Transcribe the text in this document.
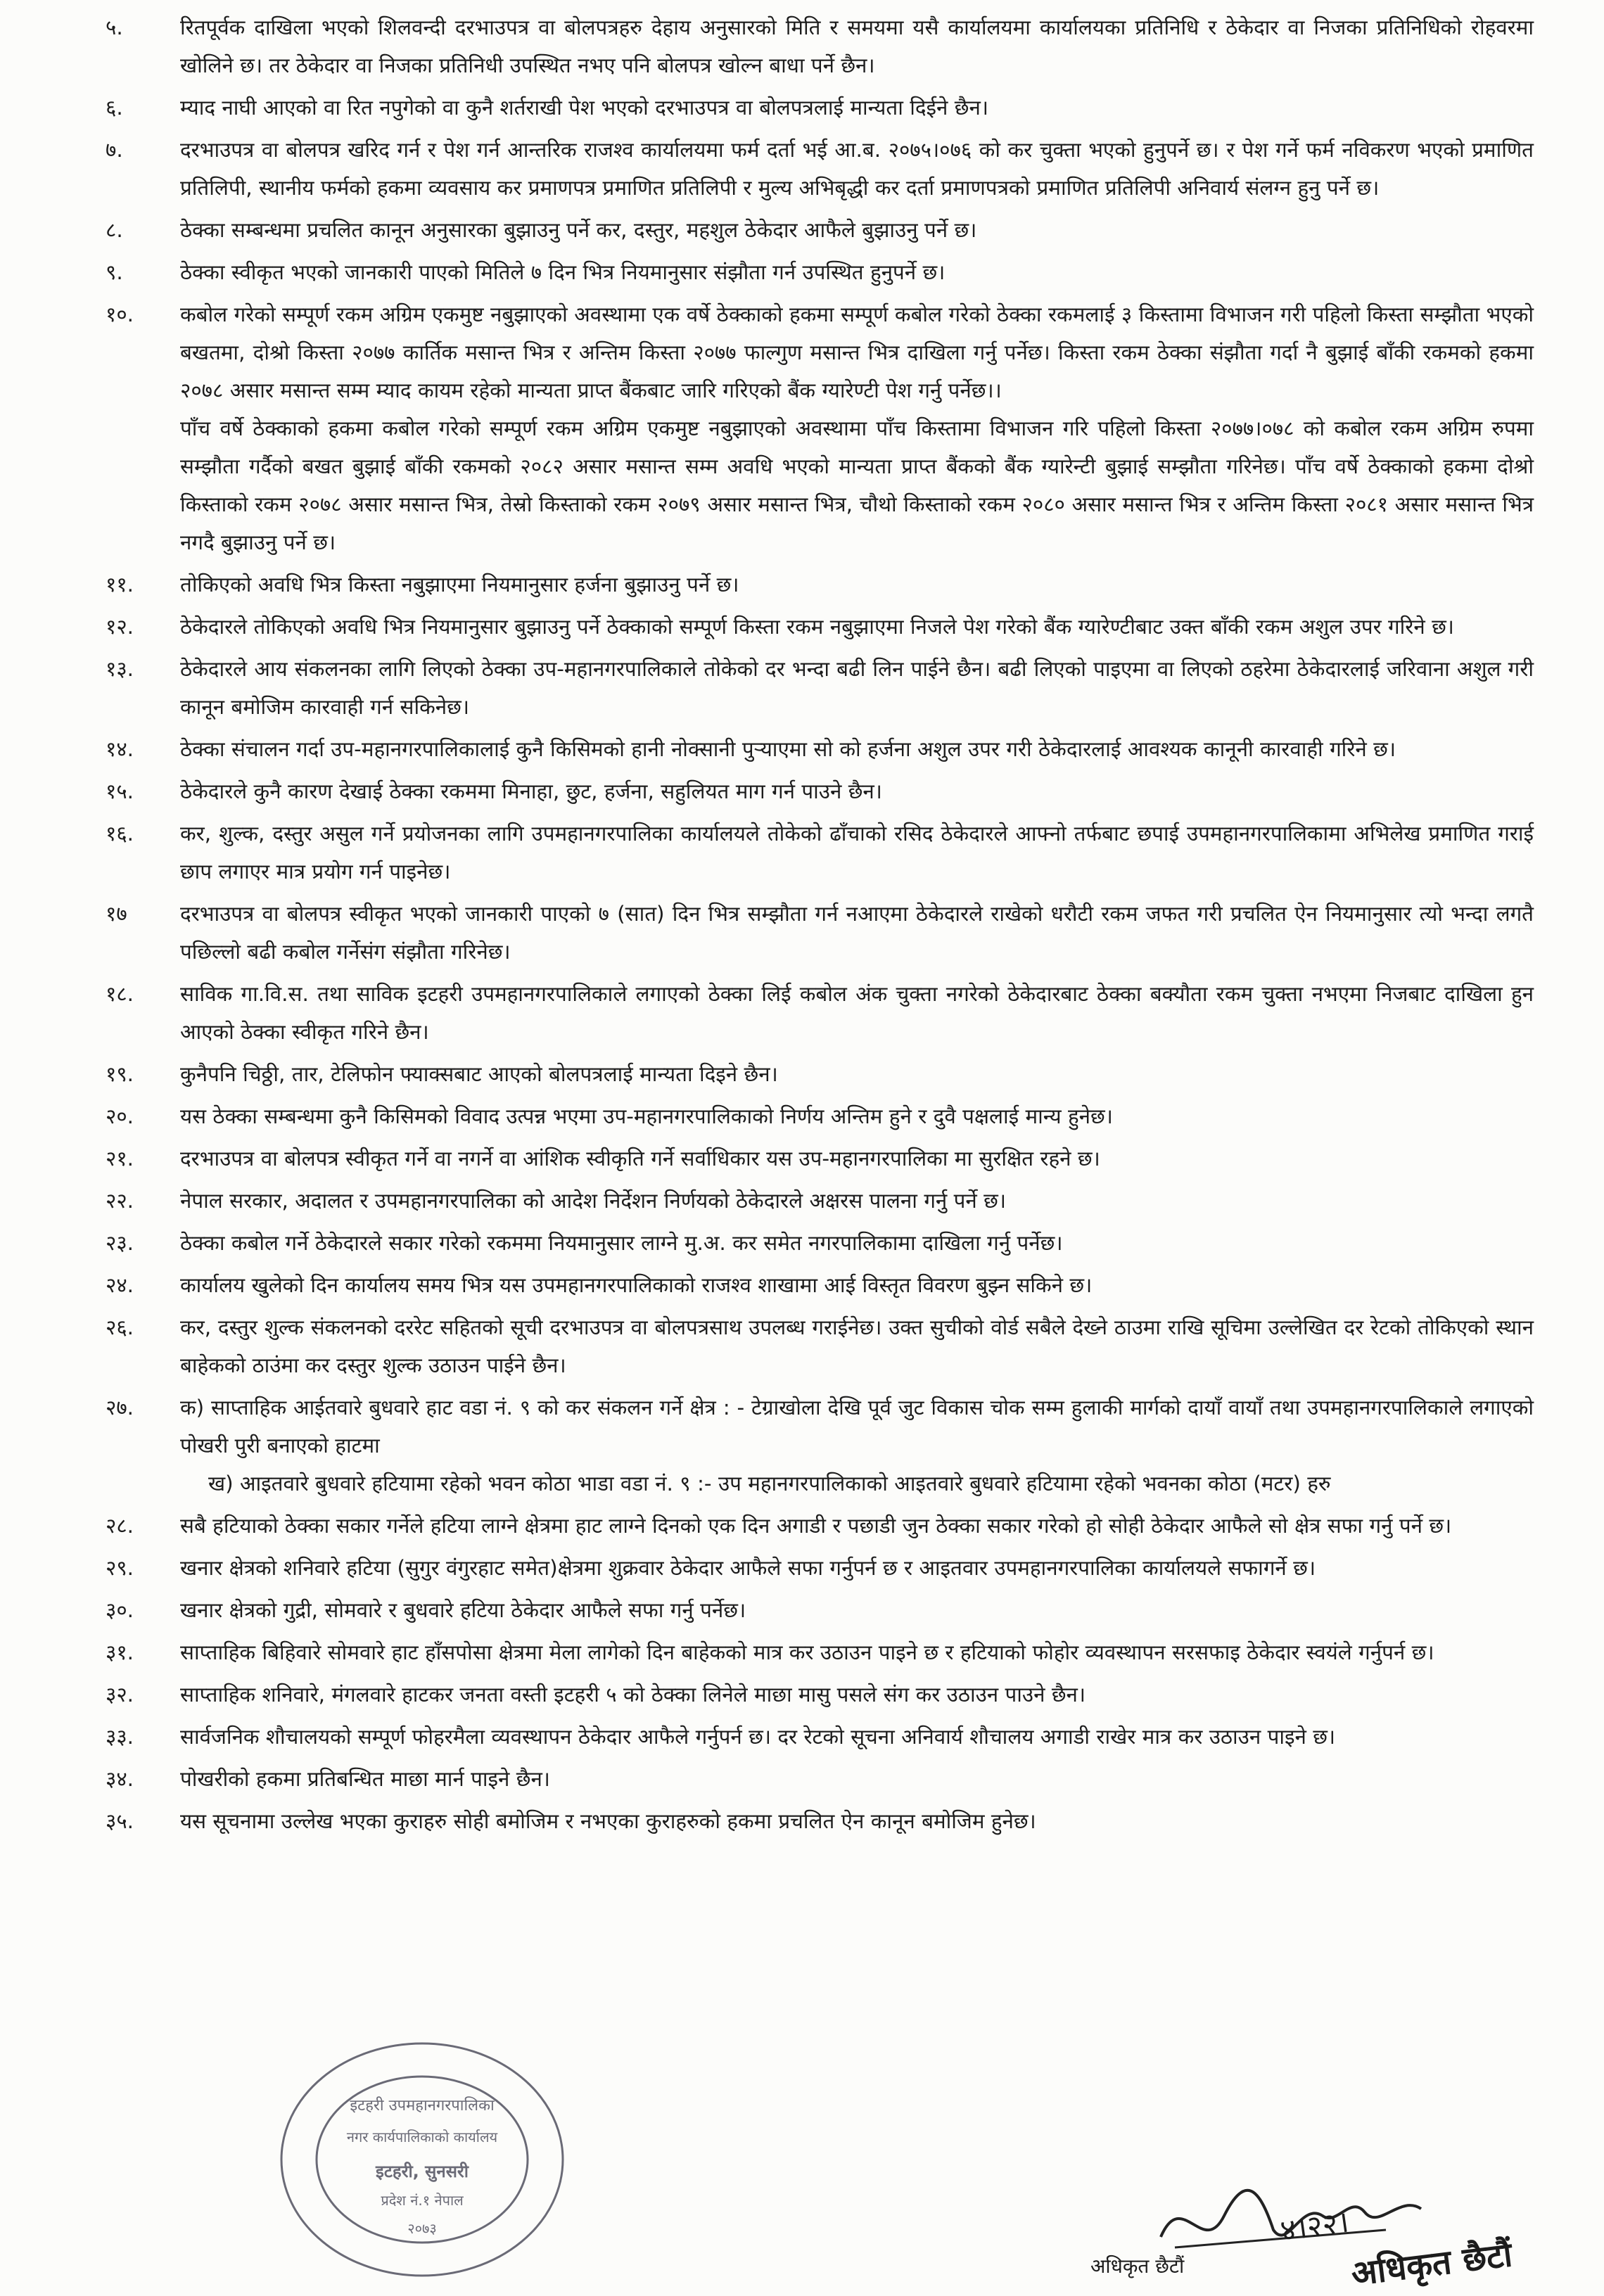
५.	रितपूर्वक दाखिला भएको शिलवन्दी दरभाउपत्र वा बोलपत्रहरु देहाय अनुसारको मिति र समयमा यसै कार्यालयमा कार्यालयका प्रतिनिधि र ठेकेदार वा निजका प्रतिनिधिको रोहवरमा खोलिने छ। तर ठेकेदार वा निजका प्रतिनिधी उपस्थित नभए पनि बोलपत्र खोल्न बाधा पर्ने छैन।
६.	म्याद नाघी आएको वा रित नपुगेको वा कुनै शर्तराखी पेश भएको दरभाउपत्र वा बोलपत्रलाई मान्यता दिईने छैन।
७.	दरभाउपत्र वा बोलपत्र खरिद गर्न र पेश गर्न आन्तरिक राजश्व कार्यालयमा फर्म दर्ता भई आ.ब. २०७५।०७६ को कर चुक्ता भएको हुनुपर्ने छ। र पेश गर्ने फर्म नविकरण भएको प्रमाणित प्रतिलिपी, स्थानीय फर्मको हकमा व्यवसाय कर प्रमाणपत्र प्रमाणित प्रतिलिपी र मुल्य अभिबृद्धी कर दर्ता प्रमाणपत्रको प्रमाणित प्रतिलिपी अनिवार्य संलग्न हुनु पर्ने छ।
८.	ठेक्का सम्बन्धमा प्रचलित कानून अनुसारका बुझाउनु पर्ने कर, दस्तुर, महशुल ठेकेदार आफैले बुझाउनु पर्ने छ।
९.	ठेक्का स्वीकृत भएको जानकारी पाएको मितिले ७ दिन भित्र नियमानुसार संझौता गर्न उपस्थित हुनुपर्ने छ।
१०.	कबोल गरेको सम्पूर्ण रकम अग्रिम एकमुष्ट नबुझाएको अवस्थामा एक वर्षे ठेक्काको हकमा सम्पूर्ण कबोल गरेको ठेक्का रकमलाई ३ किस्तामा विभाजन गरी पहिलो किस्ता सम्झौता भएको बखतमा, दोश्रो किस्ता २०७७ कार्तिक मसान्त भित्र र अन्तिम किस्ता २०७७ फाल्गुण मसान्त भित्र दाखिला गर्नु पर्नेछ। किस्ता रकम ठेक्का संझौता गर्दा नै बुझाई बाँकी रकमको हकमा २०७८ असार मसान्त सम्म म्याद कायम रहेको मान्यता प्राप्त बैंकबाट जारि गरिएको बैंक ग्यारेण्टी पेश गर्नु पर्नेछ।।
पाँच वर्षे ठेक्काको हकमा कबोल गरेको सम्पूर्ण रकम अग्रिम एकमुष्ट नबुझाएको अवस्थामा पाँच किस्तामा विभाजन गरि पहिलो किस्ता २०७७।०७८ को कबोल रकम अग्रिम रुपमा सम्झौता गर्दैको बखत बुझाई बाँकी रकमको २०८२ असार मसान्त सम्म अवधि भएको मान्यता प्राप्त बैंकको बैंक ग्यारेन्टी बुझाई सम्झौता गरिनेछ। पाँच वर्षे ठेक्काको हकमा दोश्रो किस्ताको रकम २०७८ असार मसान्त भित्र, तेस्रो किस्ताको रकम २०७९ असार मसान्त भित्र, चौथो किस्ताको रकम २०८० असार मसान्त भित्र र अन्तिम किस्ता २०८१ असार मसान्त भित्र नगदै बुझाउनु पर्ने छ।
११.	तोकिएको अवधि भित्र किस्ता नबुझाएमा नियमानुसार हर्जना बुझाउनु पर्ने छ।
१२.	ठेकेदारले तोकिएको अवधि भित्र नियमानुसार बुझाउनु पर्ने ठेक्काको सम्पूर्ण किस्ता रकम नबुझाएमा निजले पेश गरेको बैंक ग्यारेण्टीबाट उक्त बाँकी रकम अशुल उपर गरिने छ।
१३.	ठेकेदारले आय संकलनका लागि लिएको ठेक्का उप-महानगरपालिकाले तोकेको दर भन्दा बढी लिन पाईने छैन। बढी लिएको पाइएमा वा लिएको ठहरेमा ठेकेदारलाई जरिवाना अशुल गरी कानून बमोजिम कारवाही गर्न सकिनेछ।
१४.	ठेक्का संचालन गर्दा उप-महानगरपालिकालाई कुनै किसिमको हानी नोक्सानी पुऱ्याएमा सो को हर्जना अशुल उपर गरी ठेकेदारलाई आवश्यक कानूनी कारवाही गरिने छ।
१५.	ठेकेदारले कुनै कारण देखाई ठेक्का रकममा मिनाहा, छुट, हर्जना, सहुलियत माग गर्न पाउने छैन।
१६.	कर, शुल्क, दस्तुर असुल गर्ने प्रयोजनका लागि उपमहानगरपालिका कार्यालयले तोकेको ढाँचाको रसिद ठेकेदारले आफ्नो तर्फबाट छपाई उपमहानगरपालिकामा अभिलेख प्रमाणित गराई छाप लगाएर मात्र प्रयोग गर्न पाइनेछ।
१७	दरभाउपत्र वा बोलपत्र स्वीकृत भएको जानकारी पाएको ७ (सात) दिन भित्र सम्झौता गर्न नआएमा ठेकेदारले राखेको धरौटी रकम जफत गरी प्रचलित ऐन नियमानुसार त्यो भन्दा लगतै पछिल्लो बढी कबोल गर्नेसंग संझौता गरिनेछ।
१८.	साविक गा.वि.स. तथा साविक इटहरी उपमहानगरपालिकाले लगाएको ठेक्का लिई कबोल अंक चुक्ता नगरेको ठेकेदारबाट ठेक्का बक्यौता रकम चुक्ता नभएमा निजबाट दाखिला हुन आएको ठेक्का स्वीकृत गरिने छैन।
१९.	कुनैपनि चिठ्ठी, तार, टेलिफोन फ्याक्सबाट आएको बोलपत्रलाई मान्यता दिइने छैन।
२०.	यस ठेक्का सम्बन्धमा कुनै किसिमको विवाद उत्पन्न भएमा उप-महानगरपालिकाको निर्णय अन्तिम हुने र दुवै पक्षलाई मान्य हुनेछ।
२१.	दरभाउपत्र वा बोलपत्र स्वीकृत गर्ने वा नगर्ने वा आंशिक स्वीकृति गर्ने सर्वाधिकार यस उप-महानगरपालिका मा सुरक्षित रहने छ।
२२.	नेपाल सरकार, अदालत र उपमहानगरपालिका को आदेश निर्देशन निर्णयको ठेकेदारले अक्षरस पालना गर्नु पर्ने छ।
२३.	ठेक्का कबोल गर्ने ठेकेदारले सकार गरेको रकममा नियमानुसार लाग्ने मु.अ. कर समेत नगरपालिकामा दाखिला गर्नु पर्नेछ।
२४.	कार्यालय खुलेको दिन कार्यालय समय भित्र यस उपमहानगरपालिकाको राजश्व शाखामा आई विस्तृत विवरण बुझ्न सकिने छ।
२६.	कर, दस्तुर शुल्क संकलनको दररेट सहितको सूची दरभाउपत्र वा बोलपत्रसाथ उपलब्ध गराईनेछ। उक्त सुचीको वोर्ड सबैले देख्ने ठाउमा राखि सूचिमा उल्लेखित दर रेटको तोकिएको स्थान बाहेकको ठाउंमा कर दस्तुर शुल्क उठाउन पाईने छैन।
२७.	क) साप्ताहिक आईतवारे बुधवारे हाट वडा नं. ९ को कर संकलन गर्ने क्षेत्र : - टेग्राखोला देखि पूर्व जुट विकास चोक सम्म हुलाकी मार्गको दायाँ वायाँ तथा उपमहानगरपालिकाले लगाएको पोखरी पुरी बनाएको हाटमा
ख) आइतवारे बुधवारे हटियामा रहेको भवन कोठा भाडा वडा नं. ९ :- उप महानगरपालिकाको आइतवारे बुधवारे हटियामा रहेको भवनका कोठा (मटर) हरु
२८.	सबै हटियाको ठेक्का सकार गर्नेले हटिया लाग्ने क्षेत्रमा हाट लाग्ने दिनको एक दिन अगाडी र पछाडी जुन ठेक्का सकार गरेको हो सोही ठेकेदार आफैले सो क्षेत्र सफा गर्नु पर्ने छ।
२९.	खनार क्षेत्रको शनिवारे हटिया (सुगुर वंगुरहाट समेत)क्षेत्रमा शुक्रवार ठेकेदार आफैले सफा गर्नुपर्न छ र आइतवार उपमहानगरपालिका कार्यालयले सफागर्ने छ।
३०.	खनार क्षेत्रको गुद्री, सोमवारे र बुधवारे हटिया ठेकेदार आफैले सफा गर्नु पर्नेछ।
३१.	साप्ताहिक बिहिवारे सोमवारे हाट हाँसपोसा क्षेत्रमा मेला लागेको दिन बाहेकको मात्र कर उठाउन पाइने छ र हटियाको फोहोर व्यवस्थापन सरसफाइ ठेकेदार स्वयंले गर्नुपर्न छ।
३२.	साप्ताहिक शनिवारे, मंगलवारे हाटकर जनता वस्ती इटहरी ५ को ठेक्का लिनेले माछा मासु पसले संग कर उठाउन पाउने छैन।
३३.	सार्वजनिक शौचालयको सम्पूर्ण फोहरमैला व्यवस्थापन ठेकेदार आफैले गर्नुपर्न छ। दर रेटको सूचना अनिवार्य शौचालय अगाडी राखेर मात्र कर उठाउन पाइने छ।
३४.	पोखरीको हकमा प्रतिबन्धित माछा मार्न पाइने छैन।
३५.	यस सूचनामा उल्लेख भएका कुराहरु सोही बमोजिम र नभएका कुराहरुको हकमा प्रचलित ऐन कानून बमोजिम हुनेछ।
इटहरी उपमहानगरपालिका
नगर कार्यपालिकाको कार्यालय
इटहरी, सुनसरी
प्रदेश नं.१ नेपाल
२०७३	४।२२।
अधिकृत छैटौं	अधिकृत छैटौं
